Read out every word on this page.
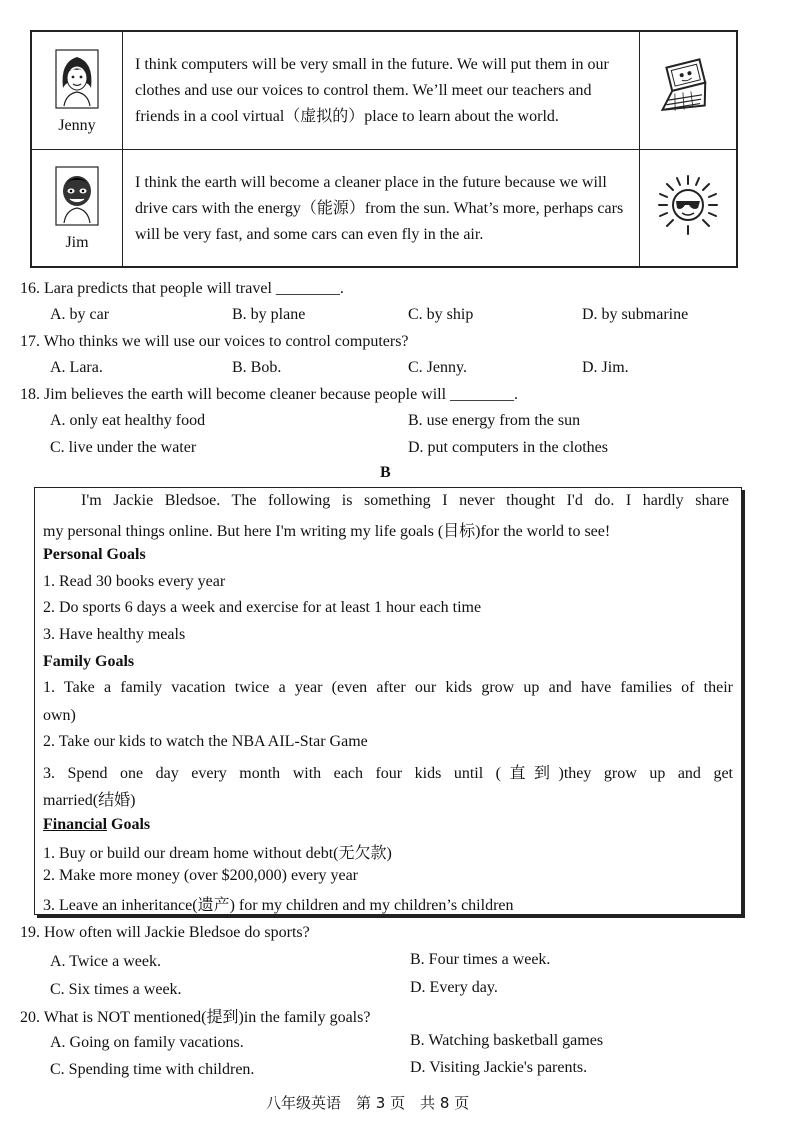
Jenny	I think computers will be very small in the future. We will put them in our clothes and use our voices to control them. We’ll meet our teachers and friends in a cool virtual（虚拟的）place to learn about the world.	

Jim	I think the earth will become a cleaner place in the future because we will drive cars with the energy（能源）from the sun. What’s more, perhaps cars will be very fast, and some cars can even fly in the air.	
16. Lara predicts that people will travel ________.
A. by car	B. by plane	C. by ship	D. by submarine
17. Who thinks we will use our voices to control computers?
A. Lara.	B. Bob.	C. Jenny.	D. Jim.
18. Jim believes the earth will become cleaner because people will ________.
A. only eat healthy food	B. use energy from the sun
C. live under the water	D. put computers in the clothes
B
I'm Jackie Bledsoe. The following is something I never thought I'd do. I hardly share
my personal things online. But here I'm writing my life goals (目标)for the world to see!
Personal Goals
1. Read 30 books every year
2. Do sports 6 days a week and exercise for at least 1 hour each time
3. Have healthy meals
Family Goals
1. Take a family vacation twice a year (even after our kids grow up and have families of their
own)
2. Take our kids to watch the NBA AIL-Star Game
3. Spend one day every month with each four kids until (直到)they grow up and get
married(结婚)
Financial Goals
1. Buy or build our dream home without debt(无欠款)
2. Make more money (over $200,000) every year
3. Leave an inheritance(遗产) for my children and my children’s children
19. How often will Jackie Bledsoe do sports?
A. Twice a week.	B. Four times a week.
C. Six times a week.	D. Every day.
20. What is NOT mentioned(提到)in the family goals?
A. Going on family vacations.	B. Watching basketball games
C. Spending time with children.	D. Visiting Jackie's parents.
八年级英语　第 3 页　共 8 页
